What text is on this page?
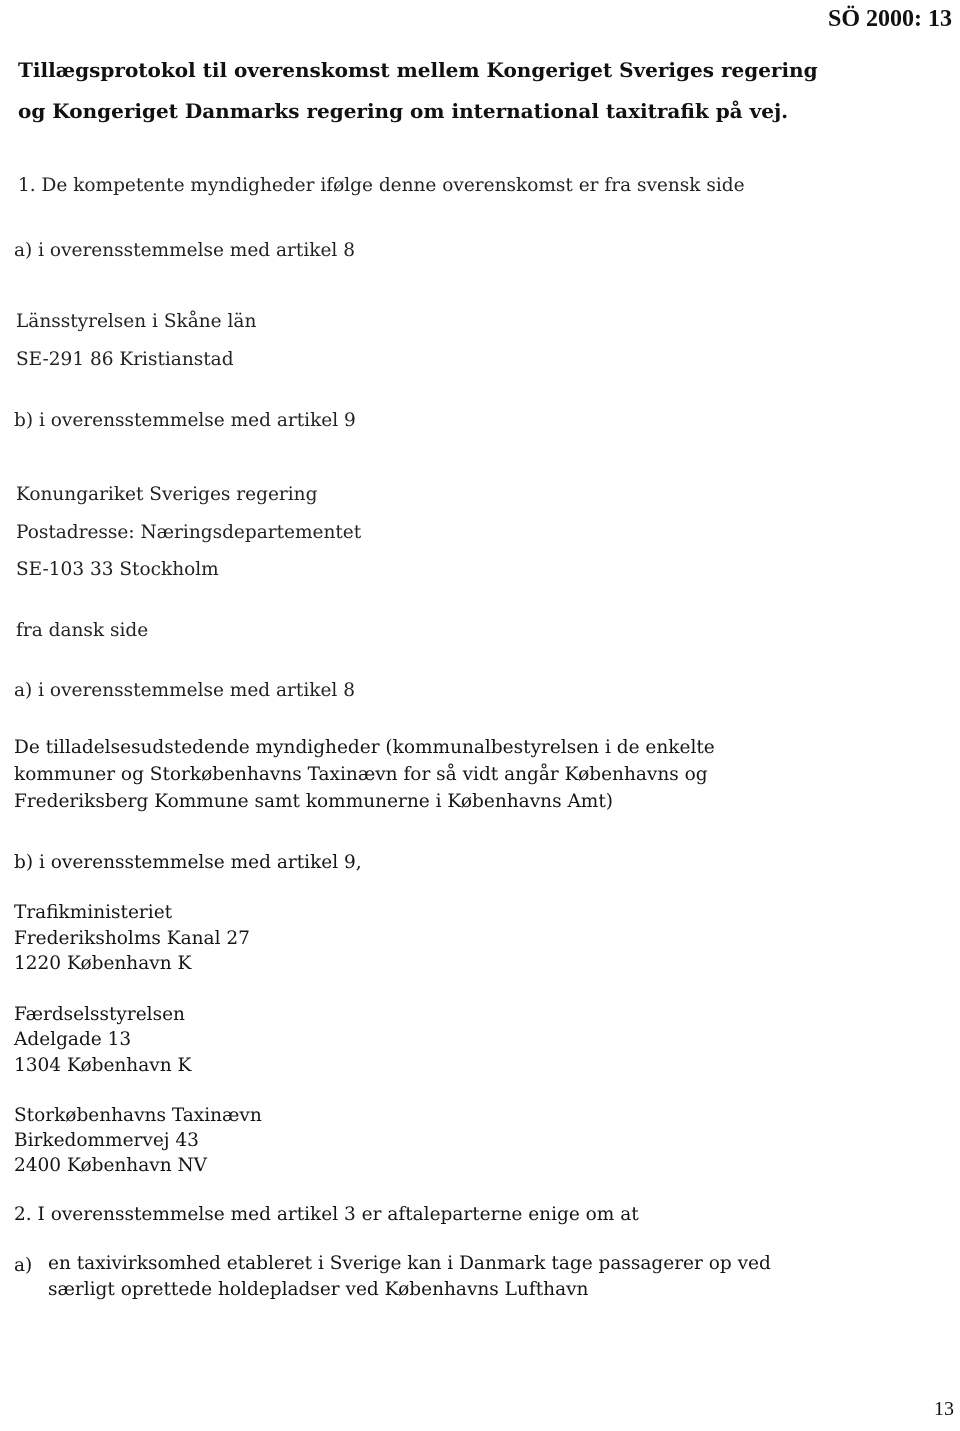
SÖ 2000: 13
Tillægsprotokol til overenskomst mellem Kongeriget Sveriges regering
og Kongeriget Danmarks regering om international taxitrafik på vej.
1. De kompetente myndigheder ifølge denne overenskomst er fra svensk side
a) i overensstemmelse med artikel 8
Länsstyrelsen i Skåne län
SE-291 86 Kristianstad
b) i overensstemmelse med artikel 9
Konungariket Sveriges regering
Postadresse: Næringsdepartementet
SE-103 33 Stockholm
fra dansk side
a) i overensstemmelse med artikel 8
De tilladelsesudstedende myndigheder (kommunalbestyrelsen i de enkelte
kommuner og Storkøbenhavns Taxinævn for så vidt angår Københavns og
Frederiksberg Kommune samt kommunerne i Københavns Amt)
b) i overensstemmelse med artikel 9,
Trafikministeriet
Frederiksholms Kanal 27
1220 København K
Færdselsstyrelsen
Adelgade 13
1304 København K
Storkøbenhavns Taxinævn
Birkedommervej 43
2400 København NV
2. I overensstemmelse med artikel 3 er aftaleparterne enige om at
a) en taxivirksomhed etableret i Sverige kan i Danmark tage passagerer op ved
særligt oprettede holdepladser ved Københavns Lufthavn
13
